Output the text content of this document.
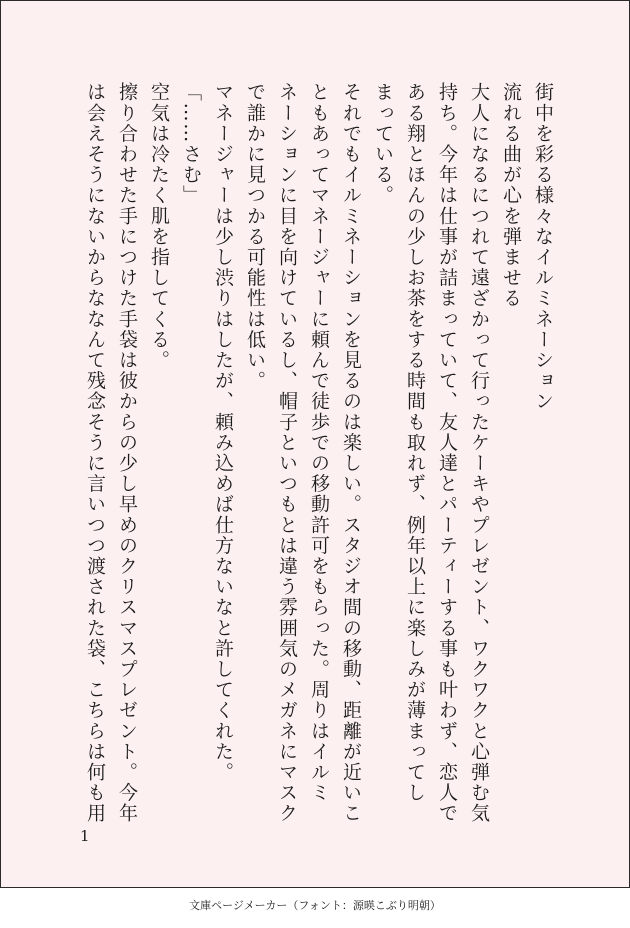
街中を彩る様々なイルミネーション

流れる曲が心を弾ませる

大人になるにつれて遠ざかって行ったケーキやプレゼント、ワクワクと心弾む気

持ち。今年は仕事が詰まっていて、友人達とパーティーする事も叶わず、恋人で

ある翔とほんの少しお茶をする時間も取れず、例年以上に楽しみが薄まってし

まっている。

それでもイルミネーションを見るのは楽しい。スタジオ間の移動、距離が近いこ

ともあってマネージャーに頼んで徒歩での移動許可をもらった。周りはイルミ

ネーションに目を向けているし、帽子といつもとは違う雰囲気のメガネにマスク

で誰かに見つかる可能性は低い。

マネージャーは少し渋りはしたが、頼み込めば仕方ないなと許してくれた。

「……さむ」

空気は冷たく肌を指してくる。

擦り合わせた手につけた手袋は彼からの少し早めのクリスマスプレゼント。今年

は会えそうにないからななんて残念そうに言いつつ渡された袋、こちらは何も用

1
文庫ページメーカー（フォント：源暎こぶり明朝）
